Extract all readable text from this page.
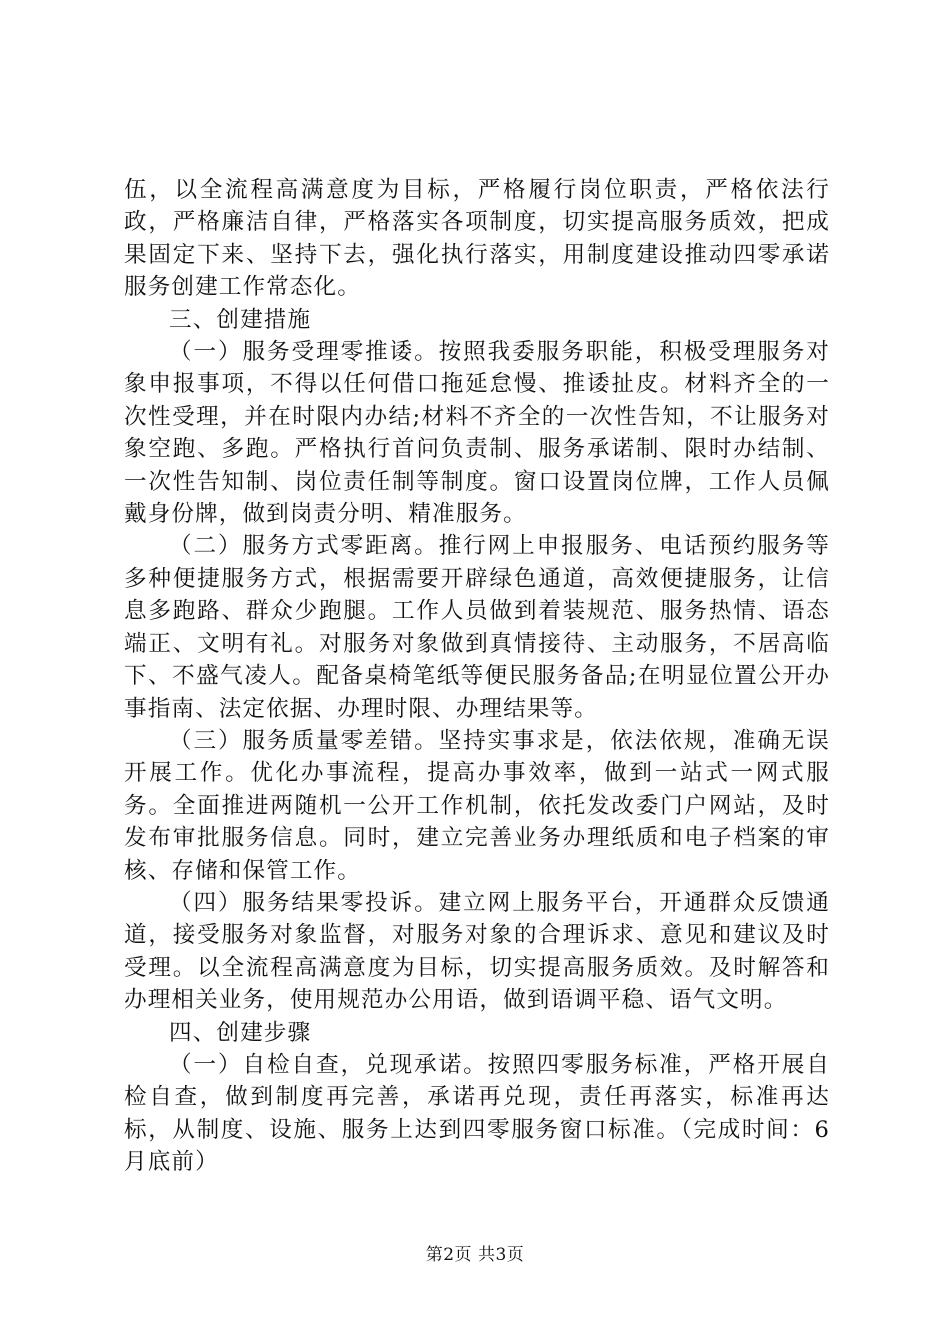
伍，以全流程高满意度为目标，严格履行岗位职责，严格依法行政，严格廉洁自律，严格落实各项制度，切实提高服务质效，把成果固定下来、坚持下去，强化执行落实，用制度建设推动四零承诺服务创建工作常态化。

三、创建措施

（一）服务受理零推诿。按照我委服务职能，积极受理服务对象申报事项，不得以任何借口拖延怠慢、推诿扯皮。材料齐全的一次性受理，并在时限内办结;材料不齐全的一次性告知，不让服务对象空跑、多跑。严格执行首问负责制、服务承诺制、限时办结制、一次性告知制、岗位责任制等制度。窗口设置岗位牌，工作人员佩戴身份牌，做到岗责分明、精准服务。

（二）服务方式零距离。推行网上申报服务、电话预约服务等多种便捷服务方式，根据需要开辟绿色通道，高效便捷服务，让信息多跑路、群众少跑腿。工作人员做到着装规范、服务热情、语态端正、文明有礼。对服务对象做到真情接待、主动服务，不居高临下、不盛气凌人。配备桌椅笔纸等便民服务备品;在明显位置公开办事指南、法定依据、办理时限、办理结果等。

（三）服务质量零差错。坚持实事求是，依法依规，准确无误开展工作。优化办事流程，提高办事效率，做到一站式一网式服务。全面推进两随机一公开工作机制，依托发改委门户网站，及时发布审批服务信息。同时，建立完善业务办理纸质和电子档案的审核、存储和保管工作。

（四）服务结果零投诉。建立网上服务平台，开通群众反馈通道，接受服务对象监督，对服务对象的合理诉求、意见和建议及时受理。以全流程高满意度为目标，切实提高服务质效。及时解答和办理相关业务，使用规范办公用语，做到语调平稳、语气文明。

四、创建步骤

（一）自检自查，兑现承诺。按照四零服务标准，严格开展自检自查，做到制度再完善，承诺再兑现，责任再落实，标准再达标，从制度、设施、服务上达到四零服务窗口标准。（完成时间：6月底前）

第2页 共3页
